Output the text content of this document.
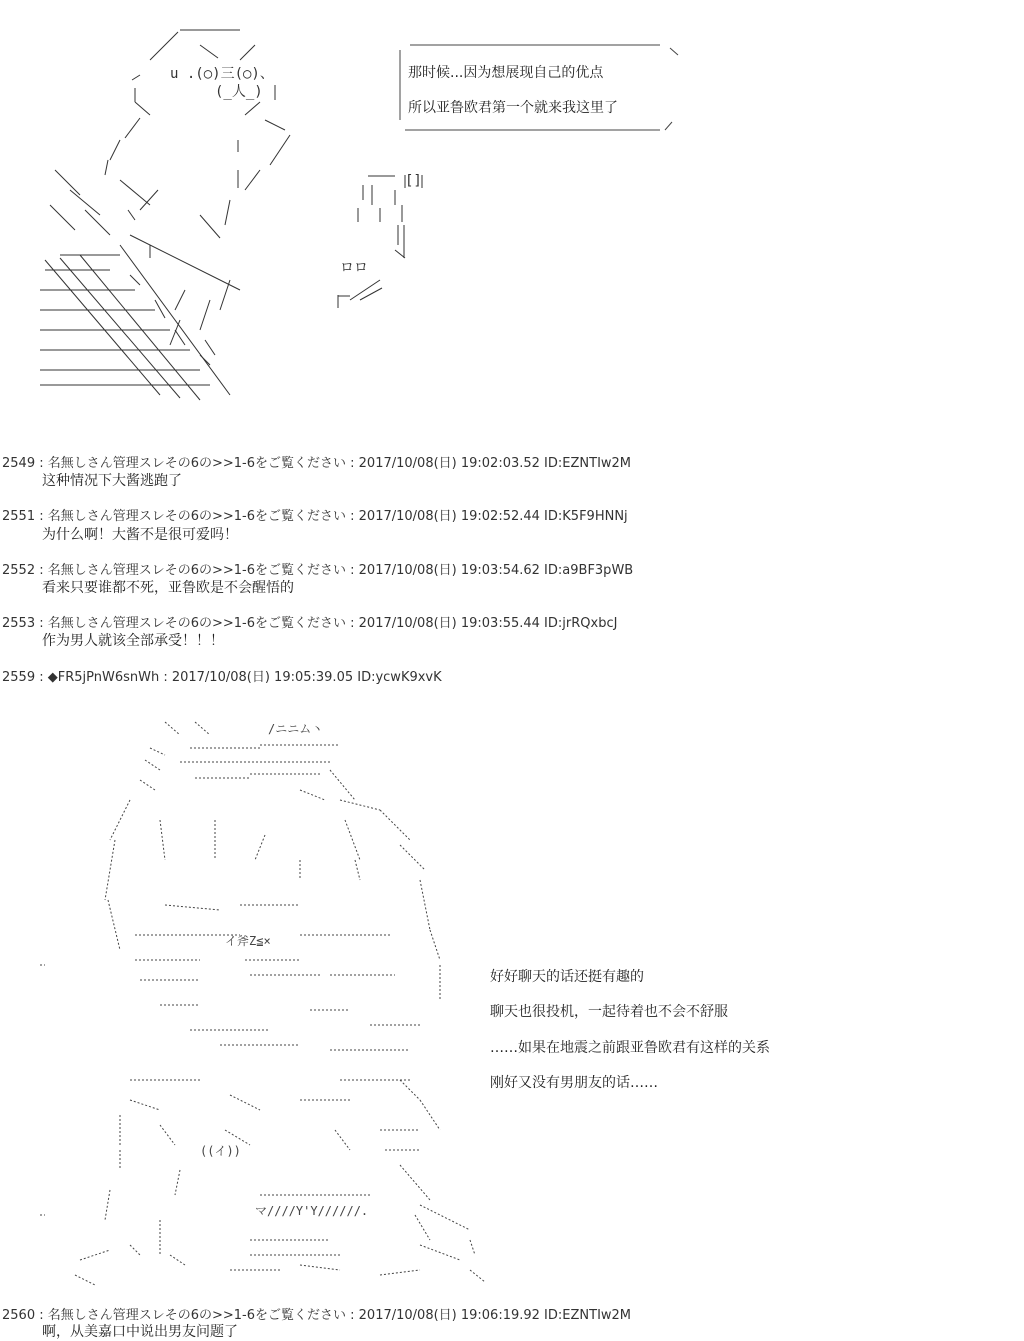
u .(○)三(○)、
(_人_)
[]
ロロ
那时候...因为想展现自己的优点
所以亚鲁欧君第一个就来我这里了
2549 : 名無しさん管理スレその6の>>1-6をご覧ください : 2017/10/08(日) 19:02:03.52 ID:EZNTIw2M
这种情况下大酱逃跑了
2551 : 名無しさん管理スレその6の>>1-6をご覧ください : 2017/10/08(日) 19:02:52.44 ID:K5F9HNNj
为什么啊！大酱不是很可爱吗！
2552 : 名無しさん管理スレその6の>>1-6をご覧ください : 2017/10/08(日) 19:03:54.62 ID:a9BF3pWB
看来只要谁都不死，亚鲁欧是不会醒悟的
2553 : 名無しさん管理スレその6の>>1-6をご覧ください : 2017/10/08(日) 19:03:55.44 ID:jrRQxbcJ
作为男人就该全部承受！！！
2559 : ◆FR5jPnW6snWh : 2017/10/08(日) 19:05:39.05 ID:ycwK9xvK
/ニニム丶
イ斧Z≦×
((イ))
マ////Y'Y//////.
好好聊天的话还挺有趣的
聊天也很投机，一起待着也不会不舒服
……如果在地震之前跟亚鲁欧君有这样的关系
刚好又没有男朋友的话……
2560 : 名無しさん管理スレその6の>>1-6をご覧ください : 2017/10/08(日) 19:06:19.92 ID:EZNTIw2M
啊，从美嘉口中说出男友问题了
